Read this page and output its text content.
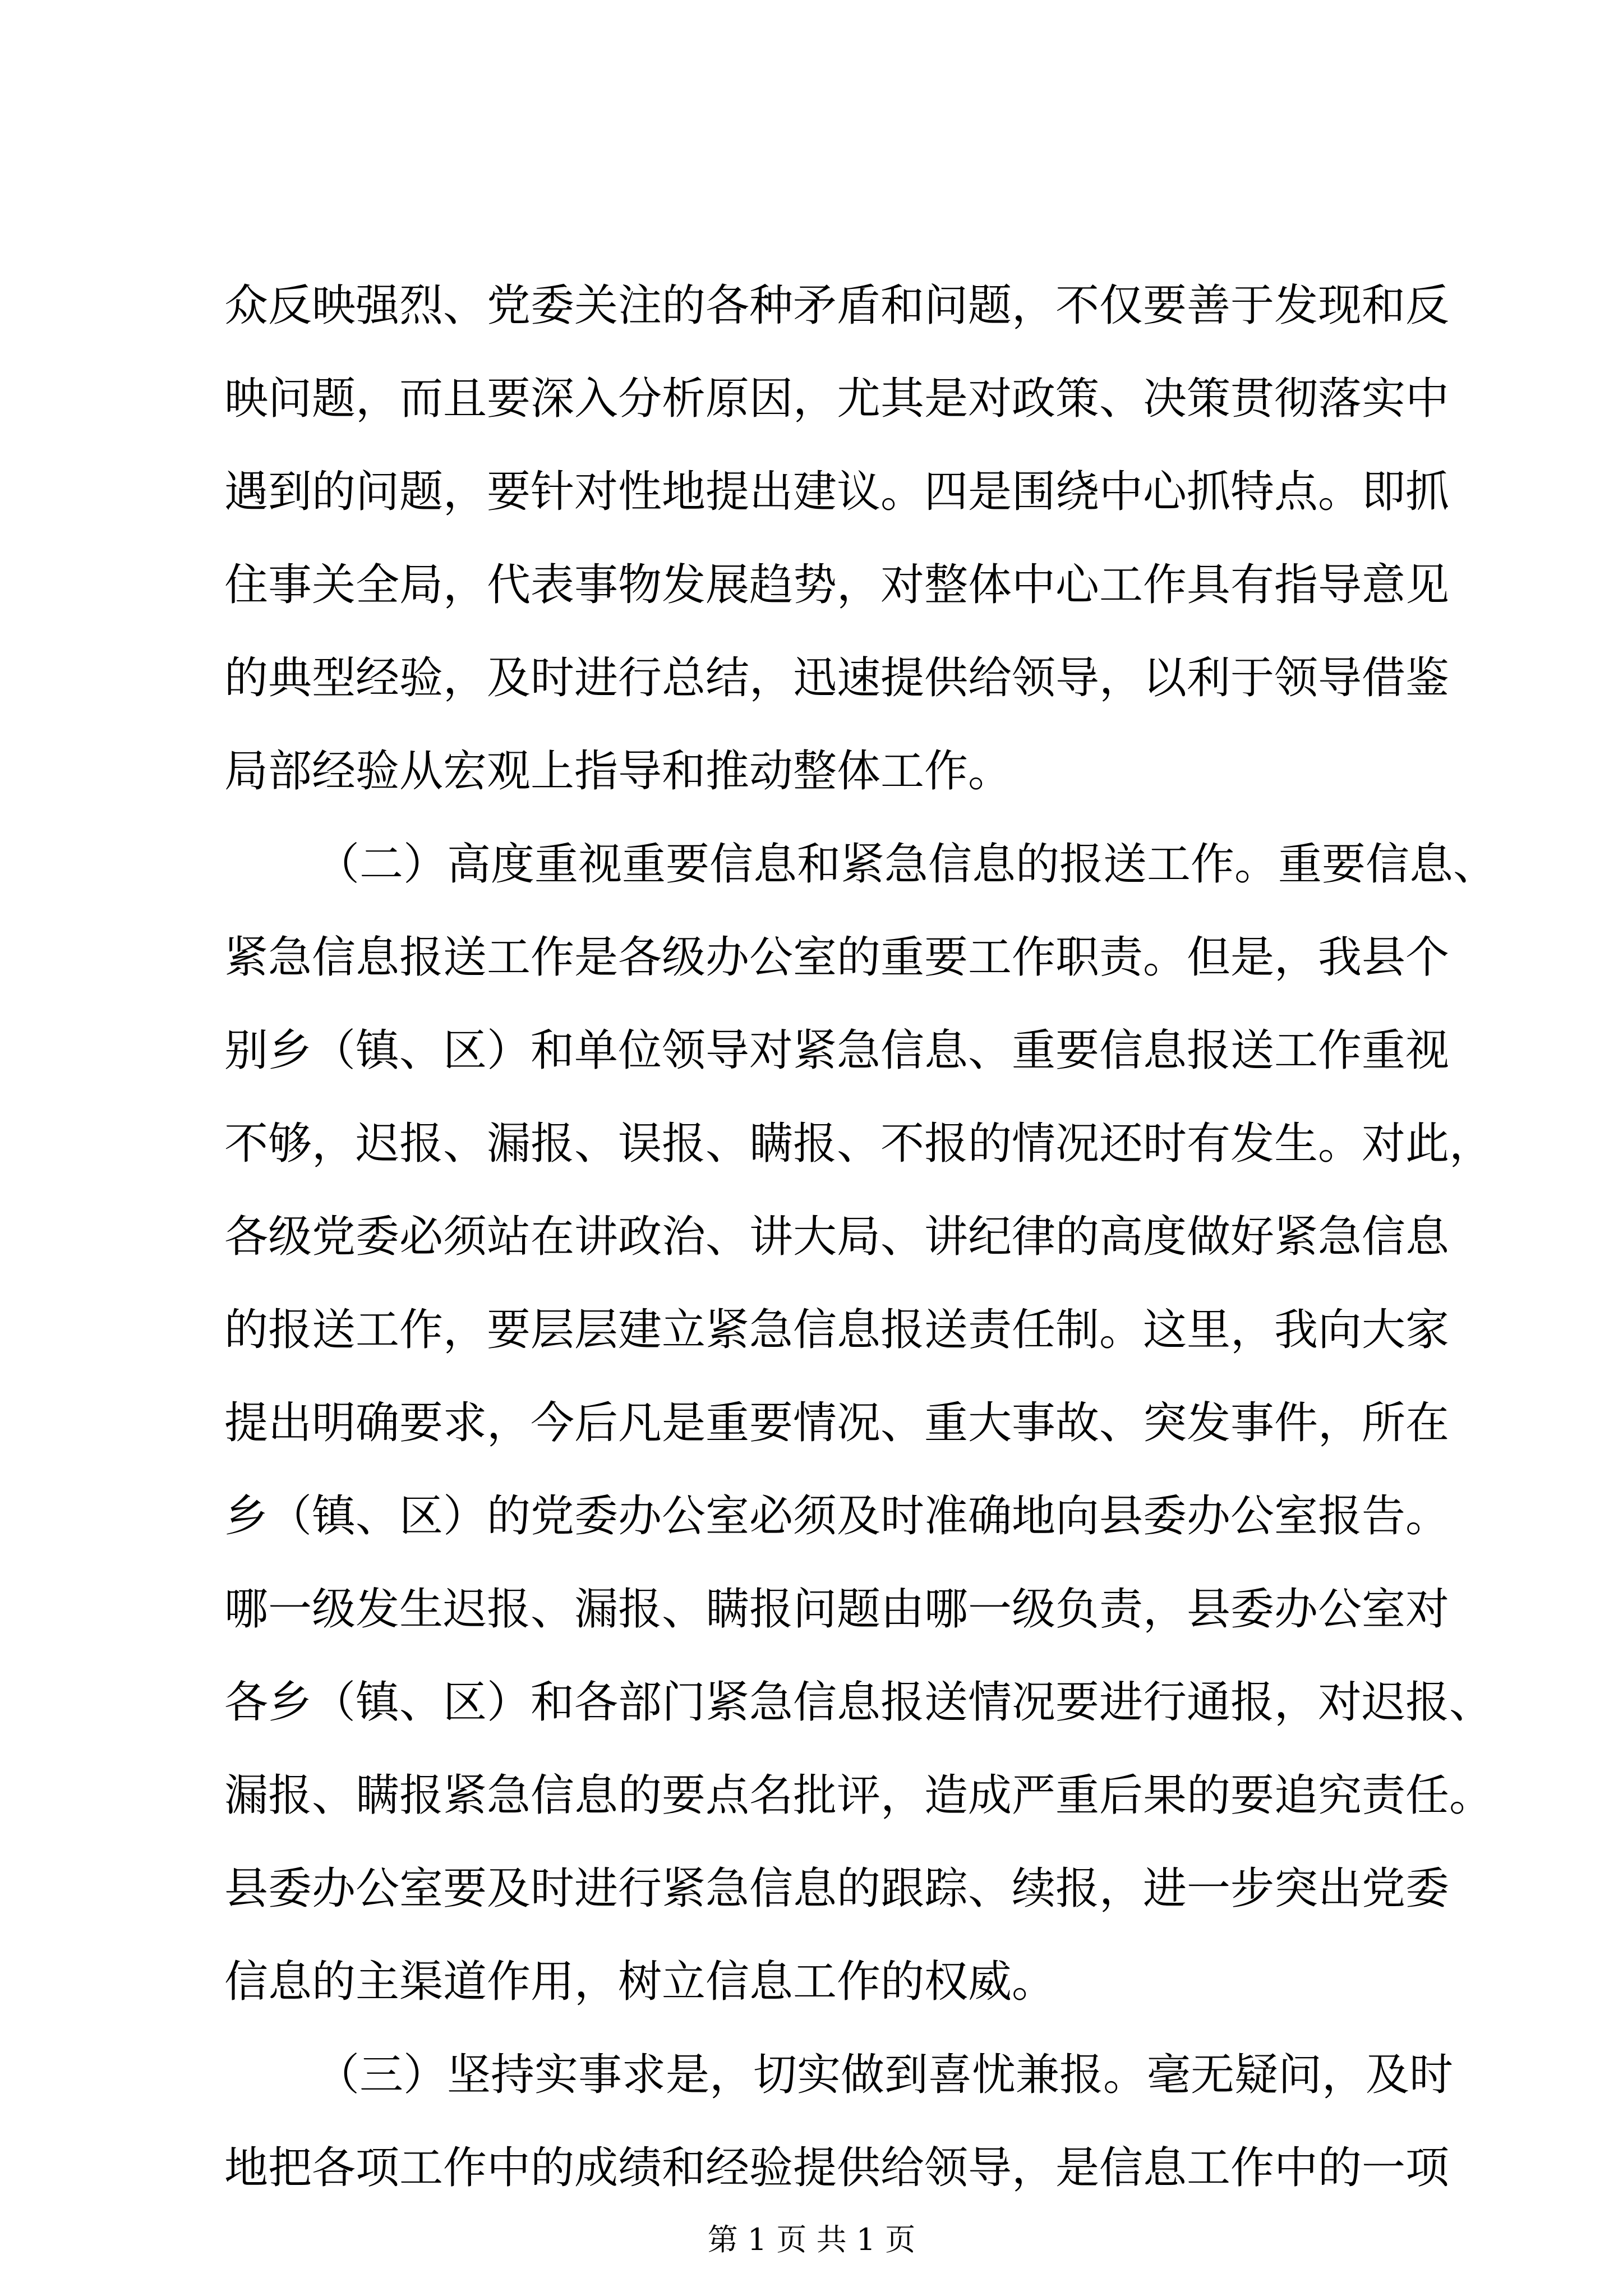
众反映强烈、党委关注的各种矛盾和问题，不仅要善于发现和反
映问题，而且要深入分析原因，尤其是对政策、决策贯彻落实中
遇到的问题，要针对性地提出建议。四是围绕中心抓特点。即抓
住事关全局，代表事物发展趋势，对整体中心工作具有指导意见
的典型经验，及时进行总结，迅速提供给领导，以利于领导借鉴
局部经验从宏观上指导和推动整体工作。
（二）高度重视重要信息和紧急信息的报送工作。重要信息、
紧急信息报送工作是各级办公室的重要工作职责。但是，我县个
别乡（镇、区）和单位领导对紧急信息、重要信息报送工作重视
不够，迟报、漏报、误报、瞒报、不报的情况还时有发生。对此，
各级党委必须站在讲政治、讲大局、讲纪律的高度做好紧急信息
的报送工作，要层层建立紧急信息报送责任制。这里，我向大家
提出明确要求，今后凡是重要情况、重大事故、突发事件，所在
乡（镇、区）的党委办公室必须及时准确地向县委办公室报告。
哪一级发生迟报、漏报、瞒报问题由哪一级负责，县委办公室对
各乡（镇、区）和各部门紧急信息报送情况要进行通报，对迟报、
漏报、瞒报紧急信息的要点名批评，造成严重后果的要追究责任。
县委办公室要及时进行紧急信息的跟踪、续报，进一步突出党委
信息的主渠道作用，树立信息工作的权威。
（三）坚持实事求是，切实做到喜忧兼报。毫无疑问，及时
地把各项工作中的成绩和经验提供给领导，是信息工作中的一项
第 1 页 共 1 页
